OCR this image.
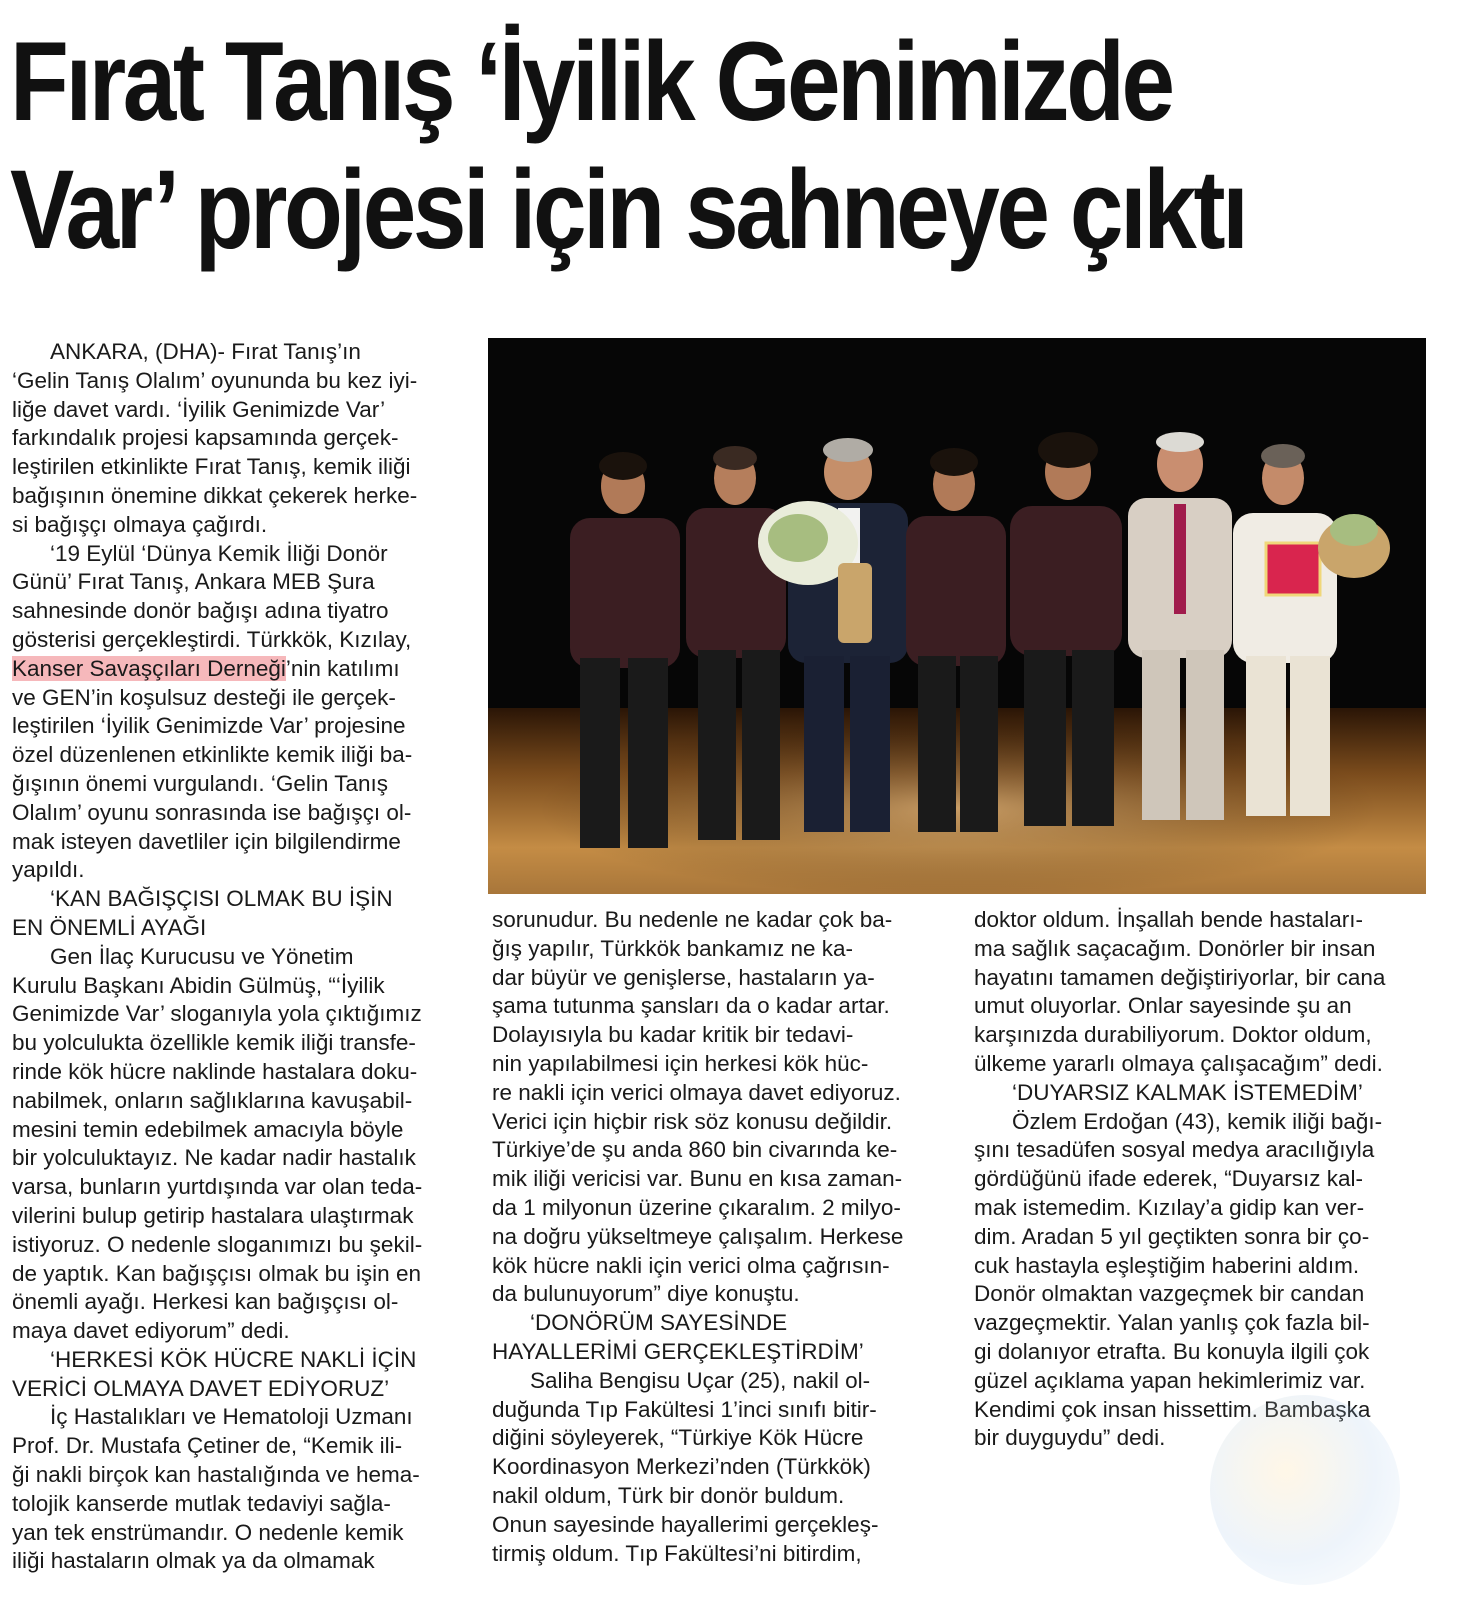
Fırat Tanış ‘İyilik Genimizde
Var’ projesi için sahneye çıktı

ANKARA, (DHA)- Fırat Tanış’ın

‘Gelin Tanış Olalım’ oyununda bu kez iyi-

liğe davet vardı. ‘İyilik Genimizde Var’

farkındalık projesi kapsamında gerçek-

leştirilen etkinlikte Fırat Tanış, kemik iliği

bağışının önemine dikkat çekerek herke-

si bağışçı olmaya çağırdı.

‘19 Eylül ‘Dünya Kemik İliği Donör

Günü’ Fırat Tanış, Ankara MEB Şura

sahnesinde donör bağışı adına tiyatro

gösterisi gerçekleştirdi. Türkkök, Kızılay,

Kanser Savaşçıları Derneği’nin katılımı

ve GEN’in koşulsuz desteği ile gerçek-

leştirilen ‘İyilik Genimizde Var’ projesine

özel düzenlenen etkinlikte kemik iliği ba-

ğışının önemi vurgulandı. ‘Gelin Tanış

Olalım’ oyunu sonrasında ise bağışçı ol-

mak isteyen davetliler için bilgilendirme

yapıldı.

‘KAN BAĞIŞÇISI OLMAK BU İŞİN

EN ÖNEMLİ AYAĞI

Gen İlaç Kurucusu ve Yönetim

Kurulu Başkanı Abidin Gülmüş, “‘İyilik

Genimizde Var’ sloganıyla yola çıktığımız

bu yolculukta özellikle kemik iliği transfe-

rinde kök hücre naklinde hastalara doku-

nabilmek, onların sağlıklarına kavuşabil-

mesini temin edebilmek amacıyla böyle

bir yolculuktayız. Ne kadar nadir hastalık

varsa, bunların yurtdışında var olan teda-

vilerini bulup getirip hastalara ulaştırmak

istiyoruz. O nedenle sloganımızı bu şekil-

de yaptık. Kan bağışçısı olmak bu işin en

önemli ayağı. Herkesi kan bağışçısı ol-

maya davet ediyorum” dedi.

‘HERKESİ KÖK HÜCRE NAKLİ İÇİN

VERİCİ OLMAYA DAVET EDİYORUZ’

İç Hastalıkları ve Hematoloji Uzmanı

Prof. Dr. Mustafa Çetiner de, “Kemik ili-

ği nakli birçok kan hastalığında ve hema-

tolojik kanserde mutlak tedaviyi sağla-

yan tek enstrümandır. O nedenle kemik

iliği hastaların olmak ya da olmamak

sorunudur. Bu nedenle ne kadar çok ba-

ğış yapılır, Türkkök bankamız ne ka-

dar büyür ve genişlerse, hastaların ya-

şama tutunma şansları da o kadar artar.

Dolayısıyla bu kadar kritik bir tedavi-

nin yapılabilmesi için herkesi kök hüc-

re nakli için verici olmaya davet ediyoruz.

Verici için hiçbir risk söz konusu değildir.

Türkiye’de şu anda 860 bin civarında ke-

mik iliği vericisi var. Bunu en kısa zaman-

da 1 milyonun üzerine çıkaralım. 2 milyo-

na doğru yükseltmeye çalışalım. Herkese

kök hücre nakli için verici olma çağrısın-

da bulunuyorum” diye konuştu.

‘DONÖRÜM SAYESİNDE

HAYALLERİMİ GERÇEKLEŞTİRDİM’

Saliha Bengisu Uçar (25), nakil ol-

duğunda Tıp Fakültesi 1’inci sınıfı bitir-

diğini söyleyerek, “Türkiye Kök Hücre

Koordinasyon Merkezi’nden (Türkkök)

nakil oldum, Türk bir donör buldum.

Onun sayesinde hayallerimi gerçekleş-

tirmiş oldum. Tıp Fakültesi’ni bitirdim,

doktor oldum. İnşallah bende hastaları-

ma sağlık saçacağım. Donörler bir insan

hayatını tamamen değiştiriyorlar, bir cana

umut oluyorlar. Onlar sayesinde şu an

karşınızda durabiliyorum. Doktor oldum,

ülkeme yararlı olmaya çalışacağım” dedi.

‘DUYARSIZ KALMAK İSTEMEDİM’

Özlem Erdoğan (43), kemik iliği bağı-

şını tesadüfen sosyal medya aracılığıyla

gördüğünü ifade ederek, “Duyarsız kal-

mak istemedim. Kızılay’a gidip kan ver-

dim. Aradan 5 yıl geçtikten sonra bir ço-

cuk hastayla eşleştiğim haberini aldım.

Donör olmaktan vazgeçmek bir candan

vazgeçmektir. Yalan yanlış çok fazla bil-

gi dolanıyor etrafta. Bu konuyla ilgili çok

güzel açıklama yapan hekimlerimiz var.

Kendimi çok insan hissettim. Bambaşka

bir duyguydu” dedi.
